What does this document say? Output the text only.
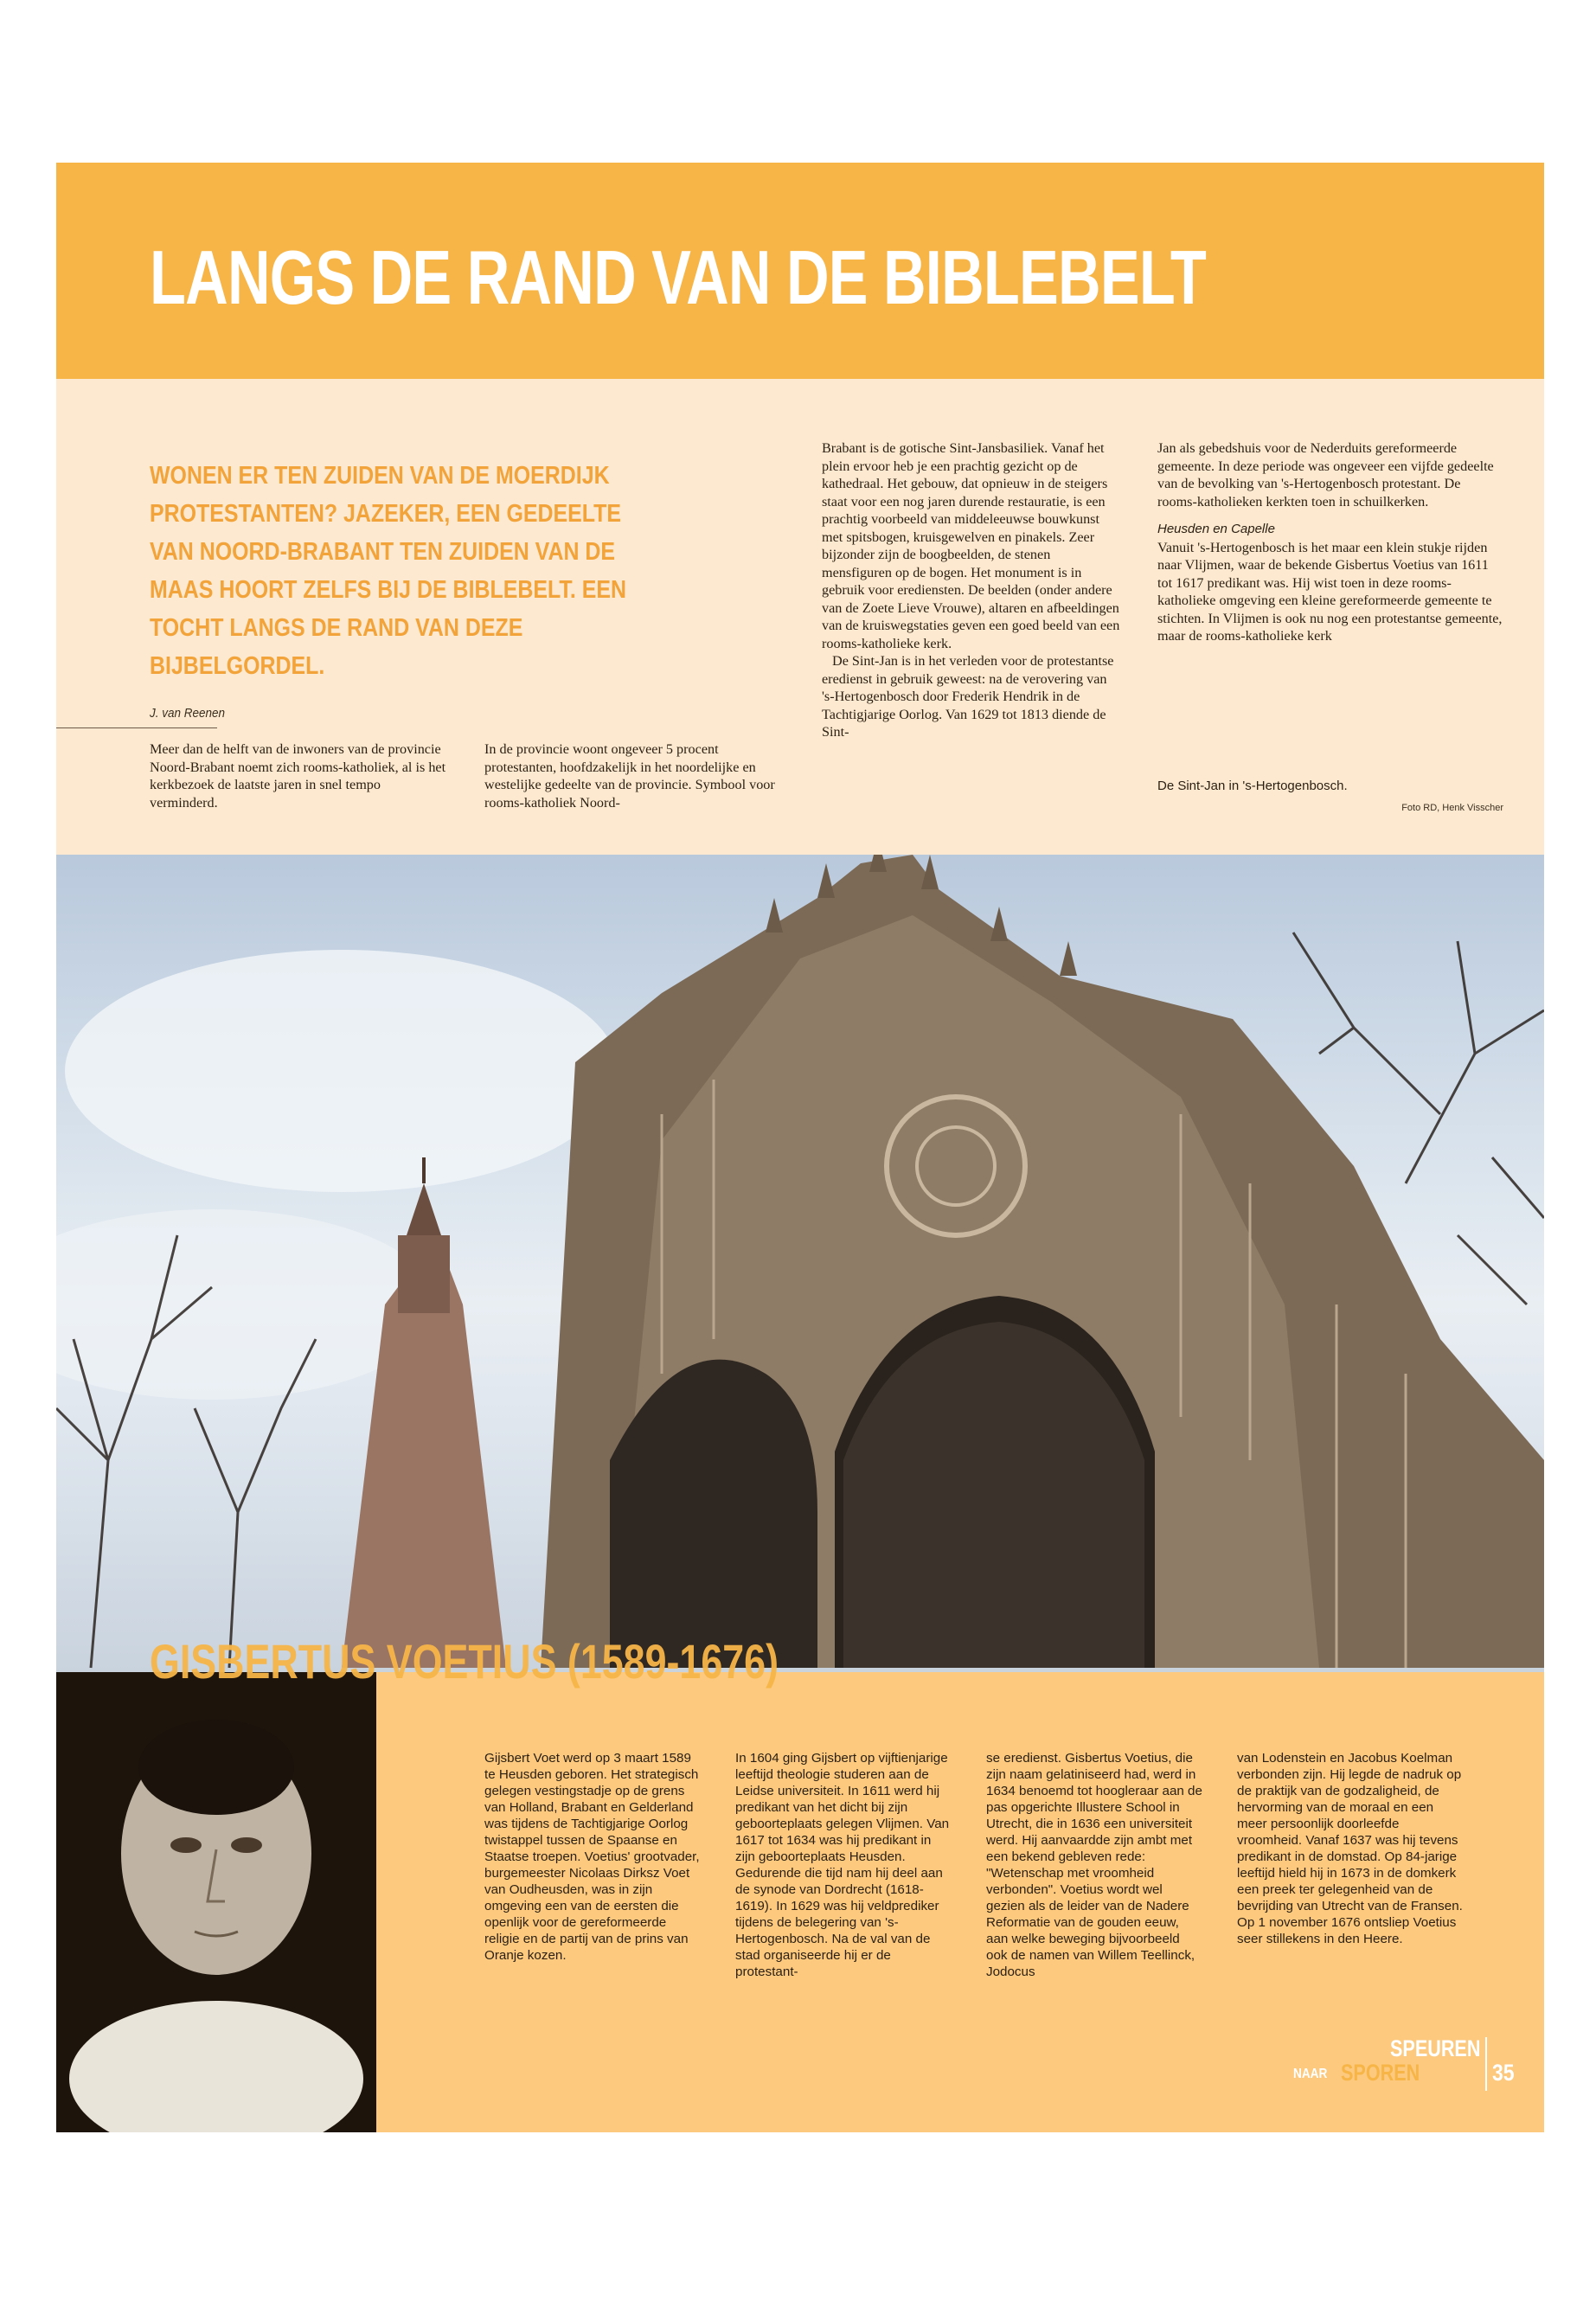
LANGS DE RAND VAN DE BIBLEBELT

WONEN ER TEN ZUIDEN VAN DE MOERDIJK PROTESTANTEN? JAZEKER, EEN GEDEELTE VAN NOORD-BRABANT TEN ZUIDEN VAN DE MAAS HOORT ZELFS BIJ DE BIBLEBELT. EEN TOCHT LANGS DE RAND VAN DEZE BIJBELGORDEL.

J. van Reenen

Meer dan de helft van de inwoners van de provincie Noord-Brabant noemt zich rooms-katholiek, al is het kerkbezoek de laatste jaren in snel tempo verminderd.

In de provincie woont ongeveer 5 procent protestanten, hoofdzakelijk in het noordelijke en westelijke gedeelte van de provincie. Symbool voor rooms-katholiek Noord-

Brabant is de gotische Sint-Jansbasiliek. Vanaf het plein ervoor heb je een prachtig gezicht op de kathedraal. Het gebouw, dat opnieuw in de steigers staat voor een nog jaren durende restauratie, is een prachtig voorbeeld van middeleeuwse bouwkunst met spitsbogen, kruisgewelven en pinakels. Zeer bijzonder zijn de boogbeelden, de stenen mensfiguren op de bogen. Het monument is in gebruik voor erediensten. De beelden (onder andere van de Zoete Lieve Vrouwe), altaren en afbeeldingen van de kruiswegstaties geven een goed beeld van een rooms-katholieke kerk.

De Sint-Jan is in het verleden voor de protestantse eredienst in gebruik geweest: na de verovering van 's-Hertogenbosch door Frederik Hendrik in de Tachtigjarige Oorlog. Van 1629 tot 1813 diende de Sint-

Jan als gebedshuis voor de Nederduits gereformeerde gemeente. In deze periode was ongeveer een vijfde gedeelte van de bevolking van 's-Hertogenbosch protestant. De rooms-katholieken kerkten toen in schuilkerken.

Heusden en Capelle

Vanuit 's-Hertogenbosch is het maar een klein stukje rijden naar Vlijmen, waar de bekende Gisbertus Voetius van 1611 tot 1617 predikant was. Hij wist toen in deze rooms-katholieke omgeving een kleine gereformeerde gemeente te stichten. In Vlijmen is ook nu nog een protestantse gemeente, maar de rooms-katholieke kerk

De Sint-Jan in 's-Hertogenbosch.
Foto RD, Henk Visscher
GISBERTUS VOETIUS (1589-1676)

Gijsbert Voet werd op 3 maart 1589 te Heusden geboren. Het strategisch gelegen vestingstadje op de grens van Holland, Brabant en Gelderland was tijdens de Tachtigjarige Oorlog twistappel tussen de Spaanse en Staatse troepen. Voetius' grootvader, burgemeester Nicolaas Dirksz Voet van Oudheusden, was in zijn omgeving een van de eersten die openlijk voor de gereformeerde religie en de partij van de prins van Oranje kozen.

In 1604 ging Gijsbert op vijftienjarige leeftijd theologie studeren aan de Leidse universiteit. In 1611 werd hij predikant van het dicht bij zijn geboorteplaats gelegen Vlijmen. Van 1617 tot 1634 was hij predikant in zijn geboorteplaats Heusden. Gedurende die tijd nam hij deel aan de synode van Dordrecht (1618-1619). In 1629 was hij veldprediker tijdens de belegering van 's-Hertogenbosch. Na de val van de stad organiseerde hij er de protestant-

se eredienst. Gisbertus Voetius, die zijn naam gelatiniseerd had, werd in 1634 benoemd tot hoogleraar aan de pas opgerichte Illustere School in Utrecht, die in 1636 een universiteit werd. Hij aanvaardde zijn ambt met een bekend gebleven rede: "Wetenschap met vroomheid verbonden". Voetius wordt wel gezien als de leider van de Nadere Reformatie van de gouden eeuw, aan welke beweging bijvoorbeeld ook de namen van Willem Teellinck, Jodocus

van Lodenstein en Jacobus Koelman verbonden zijn. Hij legde de nadruk op de praktijk van de godzaligheid, de hervorming van de moraal en een meer persoonlijk doorleefde vroomheid. Vanaf 1637 was hij tevens predikant in de domstad. Op 84-jarige leeftijd hield hij in 1673 in de domkerk een preek ter gelegenheid van de bevrijding van Utrecht van de Fransen. Op 1 november 1676 ontsliep Voetius seer stillekens in den Heere.

SPEUREN
NAAR SPOREN	35
